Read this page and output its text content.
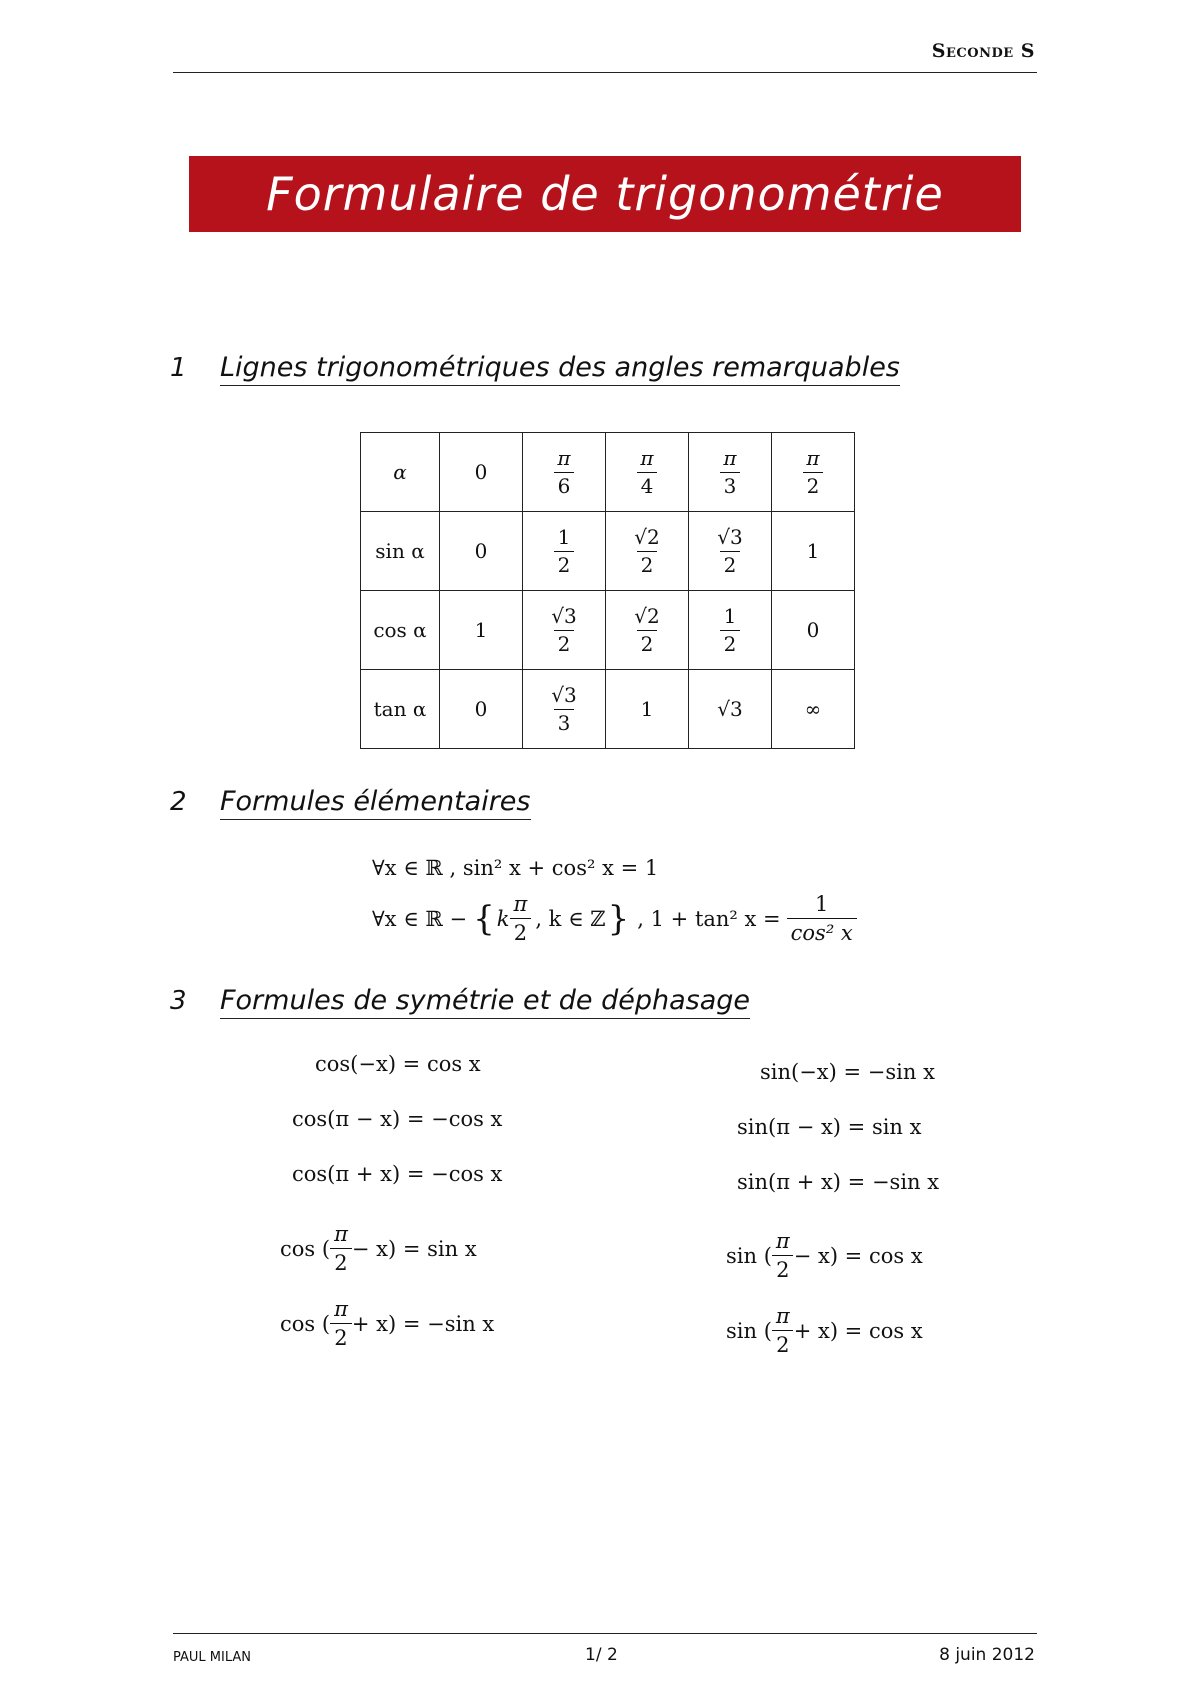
Seconde S
Formulaire de trigonométrie
1	Lignes trigonométriques des angles remarquables
α	0	$\frac{\pi}{6}$	$\frac{\pi}{4}$	$\frac{\pi}{3}$	$\frac{\pi}{2}$

sin α	0	$\frac{1}{2}$	$\frac{√2}{2}$	$\frac{√3}{2}$	1
cos α	1	$\frac{√3}{2}$	$\frac{√2}{2}$	$\frac{1}{2}$	0
tan α	0	$\frac{√3}{3}$	1	√3	∞
2	Formules élémentaires
∀x ∈ ℝ , sin² x + cos² x = 1
∀x ∈ ℝ − { k $\frac{\pi}{2}$ , k ∈ ℤ } , 1 + tan² $x = \frac{1}{\text{cos² x}}$
3	Formules de symétrie et de déphasage
cos(−x) = cos x
cos(π − x) = −cos x
cos(π + x) = −cos x
cos ( $\frac{\pi}{2} - x) = \sin x$
cos ( $\frac{\pi}{2} + x) = -\sin$ x
sin(−x) = −sin x
sin(π − x) = sin x
sin(π + x) = −sin x
sin ( $\frac{\pi}{2} - x) = \cos x$
sin ( $\frac{\pi}{2} + x) = \cos x$
PAUL MILAN	1/ 2	8 juin 2012
